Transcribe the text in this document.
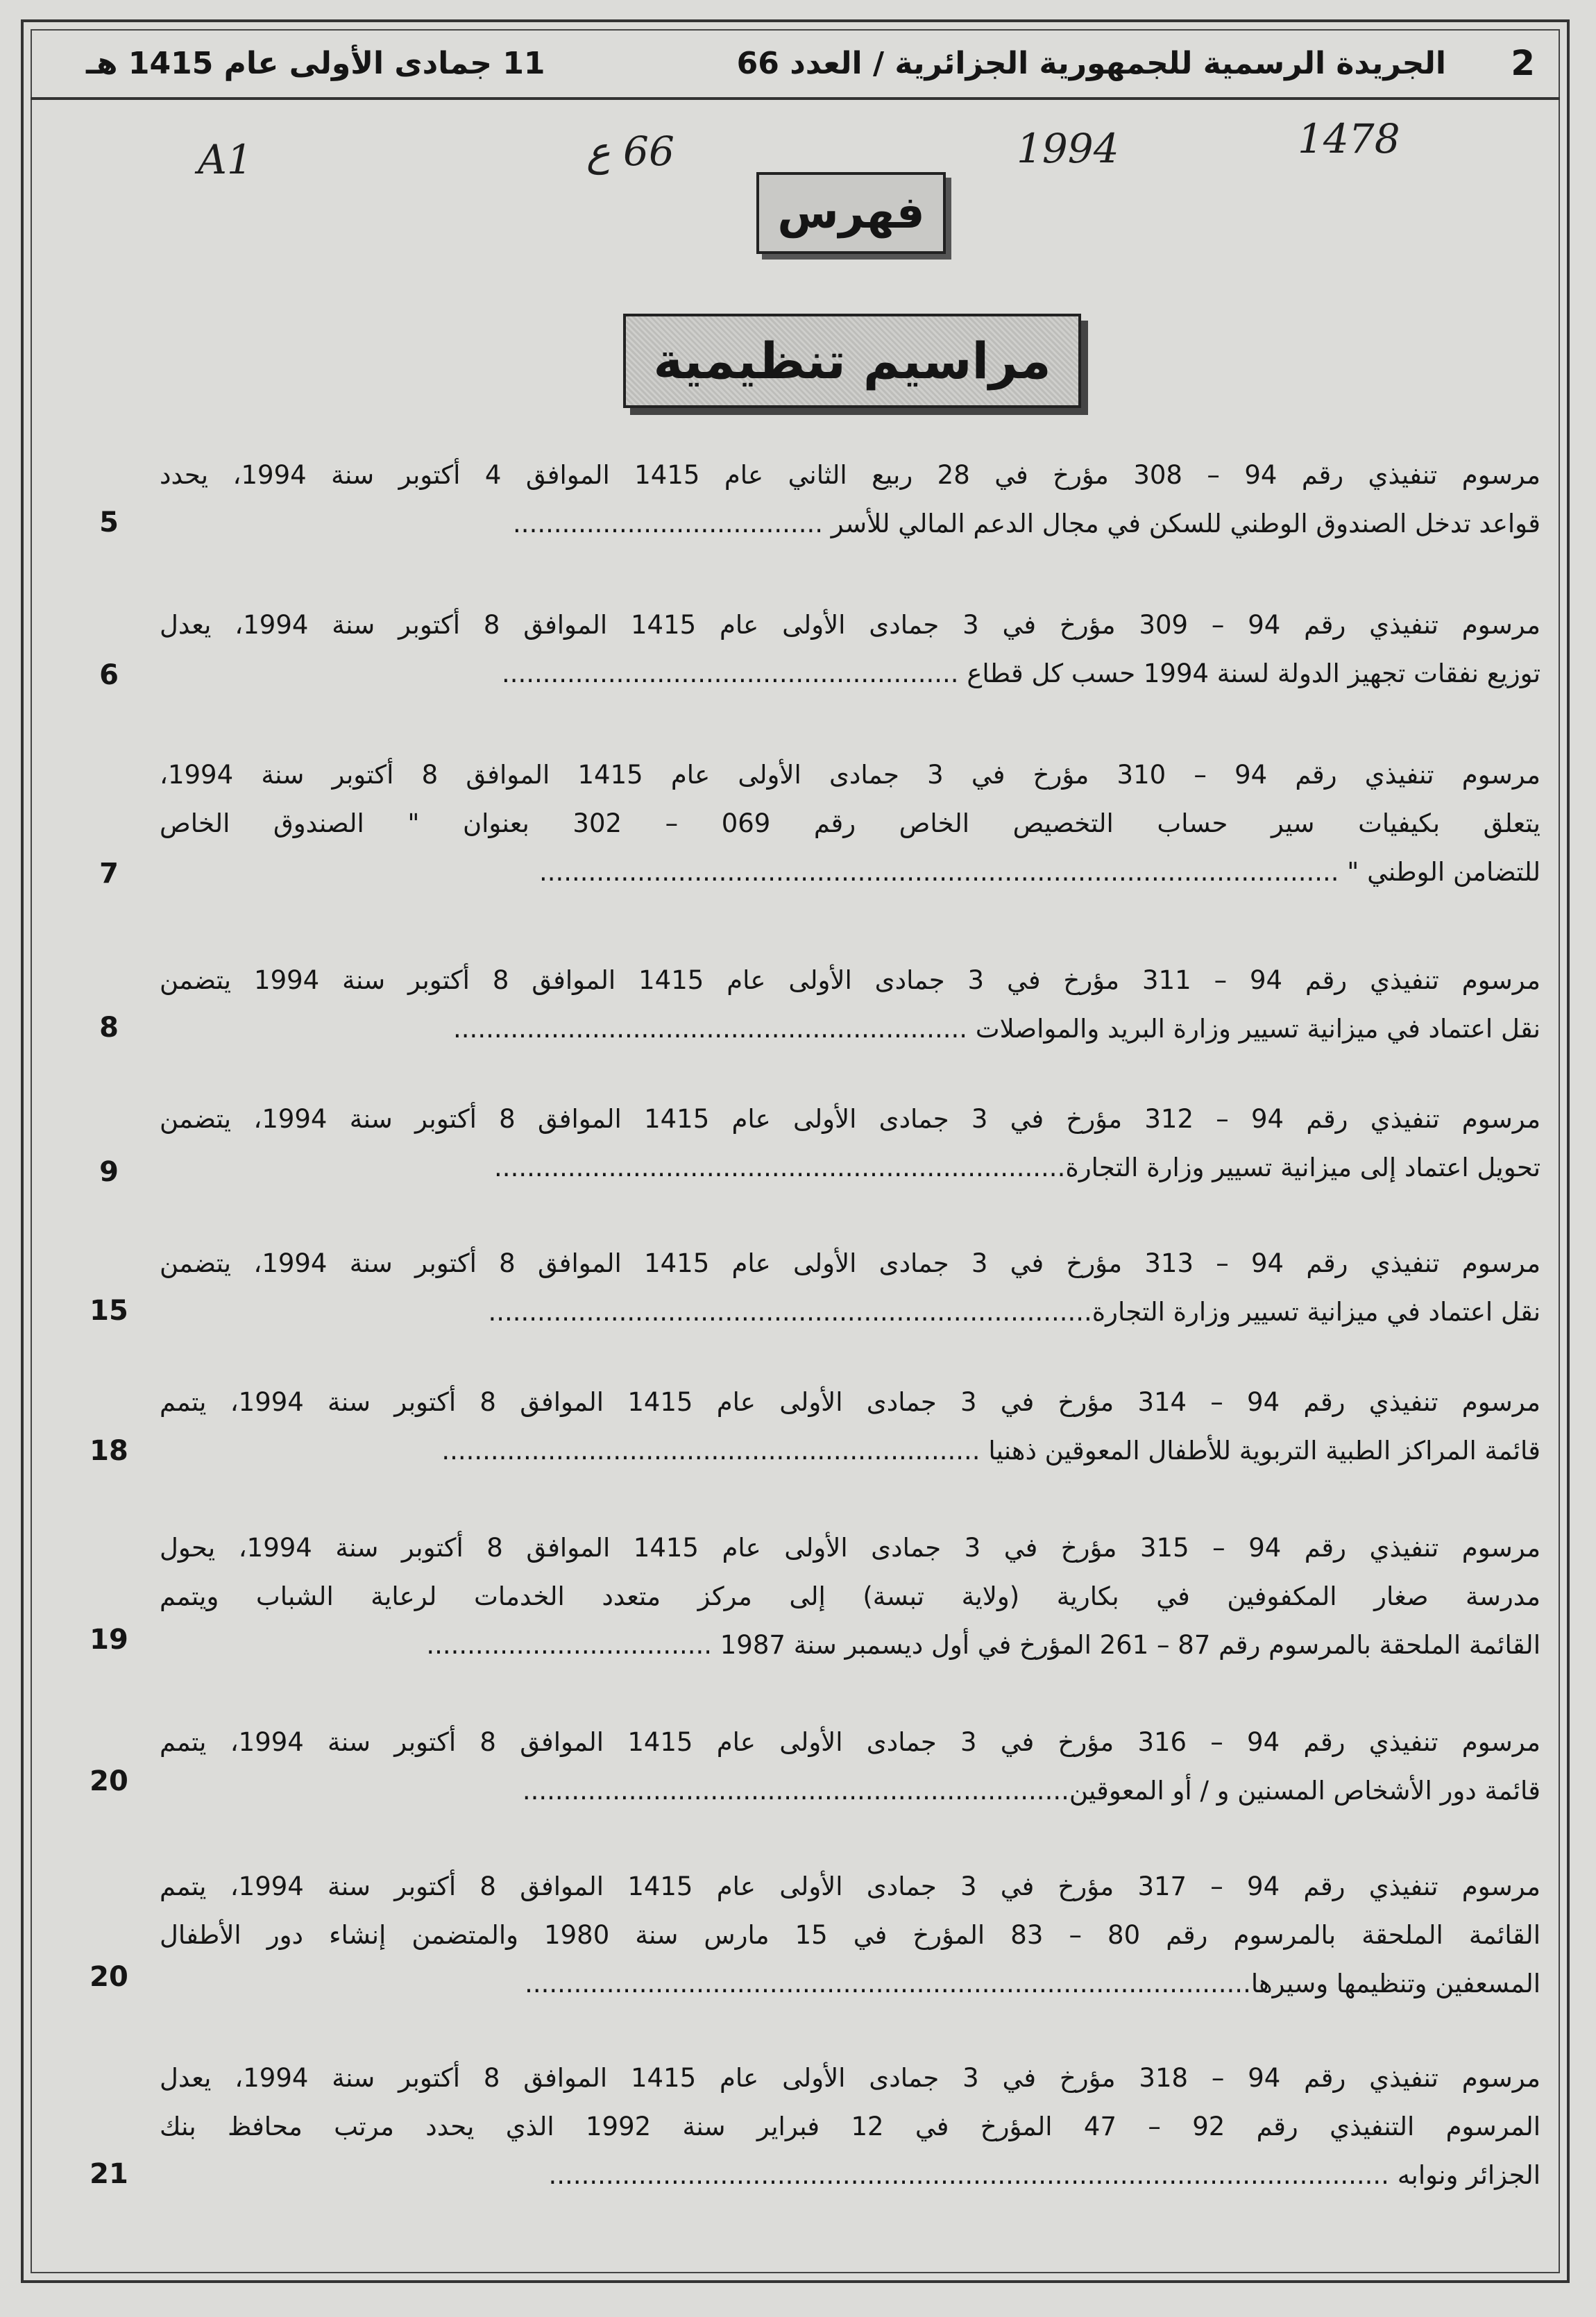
2
الجريدة الرسمية للجمهورية الجزائرية / العدد 66
11 جمادى الأولى عام 1415 هـ
1478
1994
66 ع
A1
فهرس
مراسيم تنظيمية
مرسوم تنفيذي رقم 94 – 308 مؤرخ في 28 ربيع الثاني عام 1415 الموافق 4 أكتوبر سنة 1994، يحدد
قواعد تدخل الصندوق الوطني للسكن في مجال الدعم المالي للأسر ......................................
5
مرسوم تنفيذي رقم 94 – 309 مؤرخ في 3 جمادى الأولى عام 1415 الموافق 8 أكتوبر سنة 1994، يعدل
توزيع نفقات تجهيز الدولة لسنة 1994 حسب كل قطاع ........................................................
6
مرسوم تنفيذي رقم 94 – 310 مؤرخ في 3 جمادى الأولى عام 1415 الموافق 8 أكتوبر سنة 1994،
يتعلق بكيفيات سير حساب التخصيص الخاص رقم 069 – 302 بعنوان " الصندوق الخاص
للتضامن الوطني " ..................................................................................................
7
مرسوم تنفيذي رقم 94 – 311 مؤرخ في 3 جمادى الأولى عام 1415 الموافق 8 أكتوبر سنة 1994 يتضمن
نقل اعتماد في ميزانية تسيير وزارة البريد والمواصلات ...............................................................
8
مرسوم تنفيذي رقم 94 – 312 مؤرخ في 3 جمادى الأولى عام 1415 الموافق 8 أكتوبر سنة 1994، يتضمن
تحويل اعتماد إلى ميزانية تسيير وزارة التجارة......................................................................
9
مرسوم تنفيذي رقم 94 – 313 مؤرخ في 3 جمادى الأولى عام 1415 الموافق 8 أكتوبر سنة 1994، يتضمن
نقل اعتماد في ميزانية تسيير وزارة التجارة..........................................................................
15
مرسوم تنفيذي رقم 94 – 314 مؤرخ في 3 جمادى الأولى عام 1415 الموافق 8 أكتوبر سنة 1994، يتمم
قائمة المراكز الطبية التربوية للأطفال المعوقين ذهنيا ..................................................................
18
مرسوم تنفيذي رقم 94 – 315 مؤرخ في 3 جمادى الأولى عام 1415 الموافق 8 أكتوبر سنة 1994، يحول
مدرسة صغار المكفوفين في بكارية (ولاية تبسة) إلى مركز متعدد الخدمات لرعاية الشباب ويتمم
القائمة الملحقة بالمرسوم رقم 87 – 261 المؤرخ في أول ديسمبر سنة 1987 ...................................
19
مرسوم تنفيذي رقم 94 – 316 مؤرخ في 3 جمادى الأولى عام 1415 الموافق 8 أكتوبر سنة 1994، يتمم
قائمة دور الأشخاص المسنين و / أو المعوقين...................................................................
20
مرسوم تنفيذي رقم 94 – 317 مؤرخ في 3 جمادى الأولى عام 1415 الموافق 8 أكتوبر سنة 1994، يتمم
القائمة الملحقة بالمرسوم رقم 80 – 83 المؤرخ في 15 مارس سنة 1980 والمتضمن إنشاء دور الأطفال
المسعفين وتنظيمها وسيرها.........................................................................................
20
مرسوم تنفيذي رقم 94 – 318 مؤرخ في 3 جمادى الأولى عام 1415 الموافق 8 أكتوبر سنة 1994، يعدل
المرسوم التنفيذي رقم 92 – 47 المؤرخ في 12 فبراير سنة 1992 الذي يحدد مرتب محافظ بنك
الجزائر ونوابه .......................................................................................................
21
